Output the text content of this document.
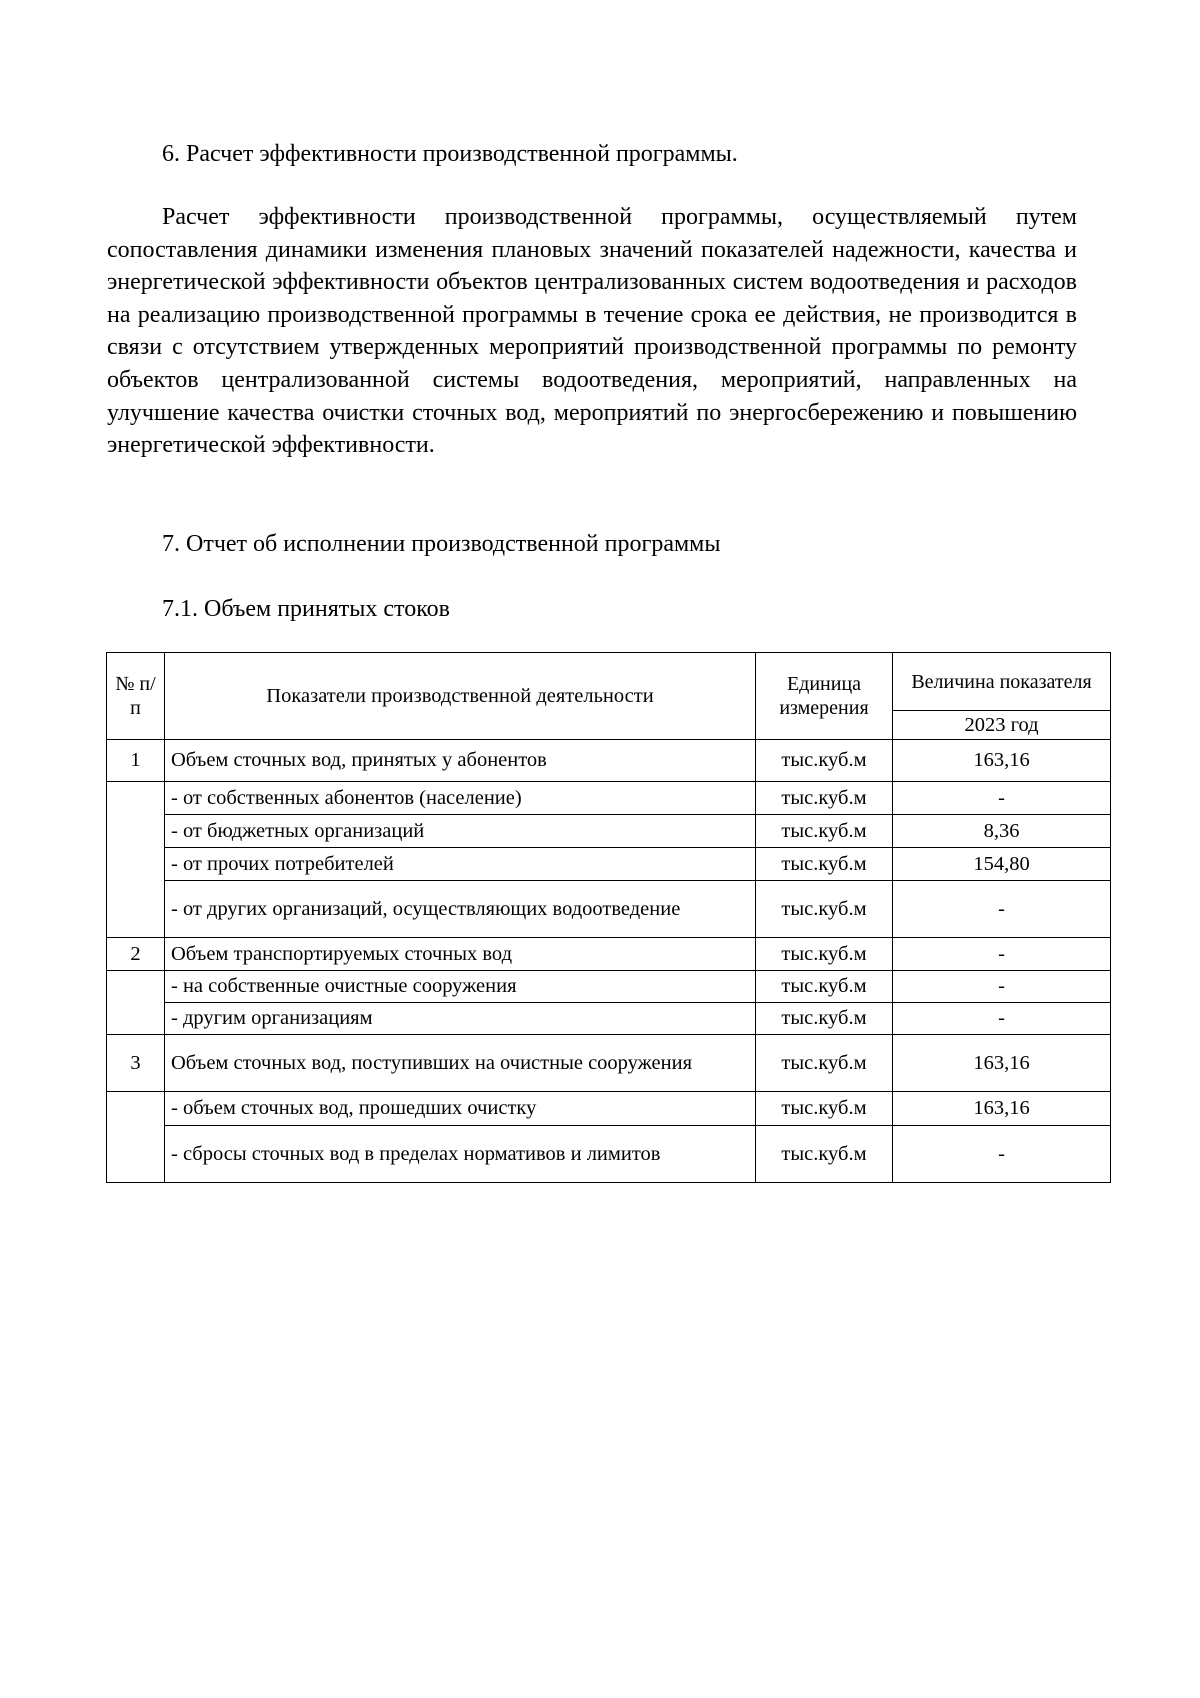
6. Расчет эффективности производственной программы.
Расчет эффективности производственной программы, осуществляемый путем сопоставления динамики изменения плановых значений показателей надежности, качества и энергетической эффективности объектов централизованных систем водоотведения и расходов на реализацию производственной программы в течение срока ее действия, не производится в связи с отсутствием утвержденных мероприятий производственной программы по ремонту объектов централизованной системы водоотведения, мероприятий, направленных на улучшение качества очистки сточных вод, мероприятий по энергосбережению и повышению энергетической эффективности.
7. Отчет об исполнении производственной программы
7.1. Объем принятых стоков
№ п/п	Показатели производственной деятельности	Единица измерения	Величина показателя
			2023 год
1	Объем сточных вод, принятых у абонентов	тыс.куб.м	163,16
	- от собственных абонентов (население)	тыс.куб.м	-
	- от бюджетных организаций	тыс.куб.м	8,36
	- от прочих потребителей	тыс.куб.м	154,80
	- от других организаций, осуществляющих водоотведение	тыс.куб.м	-
2	Объем транспортируемых сточных вод	тыс.куб.м	-
	- на собственные очистные сооружения	тыс.куб.м	-
	- другим организациям	тыс.куб.м	-
3	Объем сточных вод, поступивших на очистные сооружения	тыс.куб.м	163,16
	- объем сточных вод, прошедших очистку	тыс.куб.м	163,16
	- сбросы сточных вод в пределах нормативов и лимитов	тыс.куб.м	-
